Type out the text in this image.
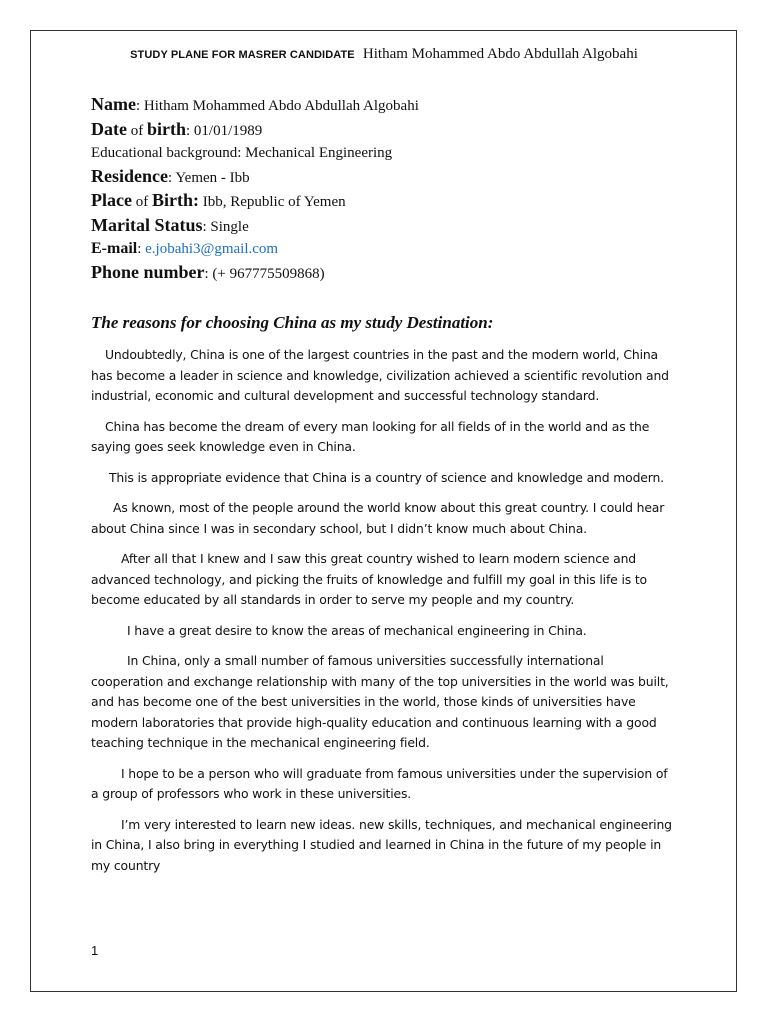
STUDY PLANE FOR MASRER CANDIDATE Hitham Mohammed Abdo Abdullah Algobahi
Name: Hitham Mohammed Abdo Abdullah Algobahi
Date of birth: 01/01/1989
Educational background: Mechanical Engineering
Residence: Yemen - Ibb
Place of Birth: Ibb, Republic of Yemen
Marital Status: Single
E-mail: e.jobahi3@gmail.com
Phone number: (+ 967775509868)
The reasons for choosing China as my study Destination:

Undoubtedly, China is one of the largest countries in the past and the modern world, China has become a leader in science and knowledge, civilization achieved a scientific revolution and industrial, economic and cultural development and successful technology standard.

China has become the dream of every man looking for all fields of in the world and as the saying goes seek knowledge even in China.

This is appropriate evidence that China is a country of science and knowledge and modern.

As known, most of the people around the world know about this great country. I could hear about China since I was in secondary school, but I didn’t know much about China.

After all that I knew and I saw this great country wished to learn modern science and advanced technology, and picking the fruits of knowledge and fulfill my goal in this life is to become educated by all standards in order to serve my people and my country.

I have a great desire to know the areas of mechanical engineering in China.

In China, only a small number of famous universities successfully international cooperation and exchange relationship with many of the top universities in the world was built, and has become one of the best universities in the world, those kinds of universities have modern laboratories that provide high-quality education and continuous learning with a good teaching technique in the mechanical engineering field.

I hope to be a person who will graduate from famous universities under the supervision of a group of professors who work in these universities.

I’m very interested to learn new ideas. new skills, techniques, and mechanical engineering in China, I also bring in everything I studied and learned in China in the future of my people in my country

1
